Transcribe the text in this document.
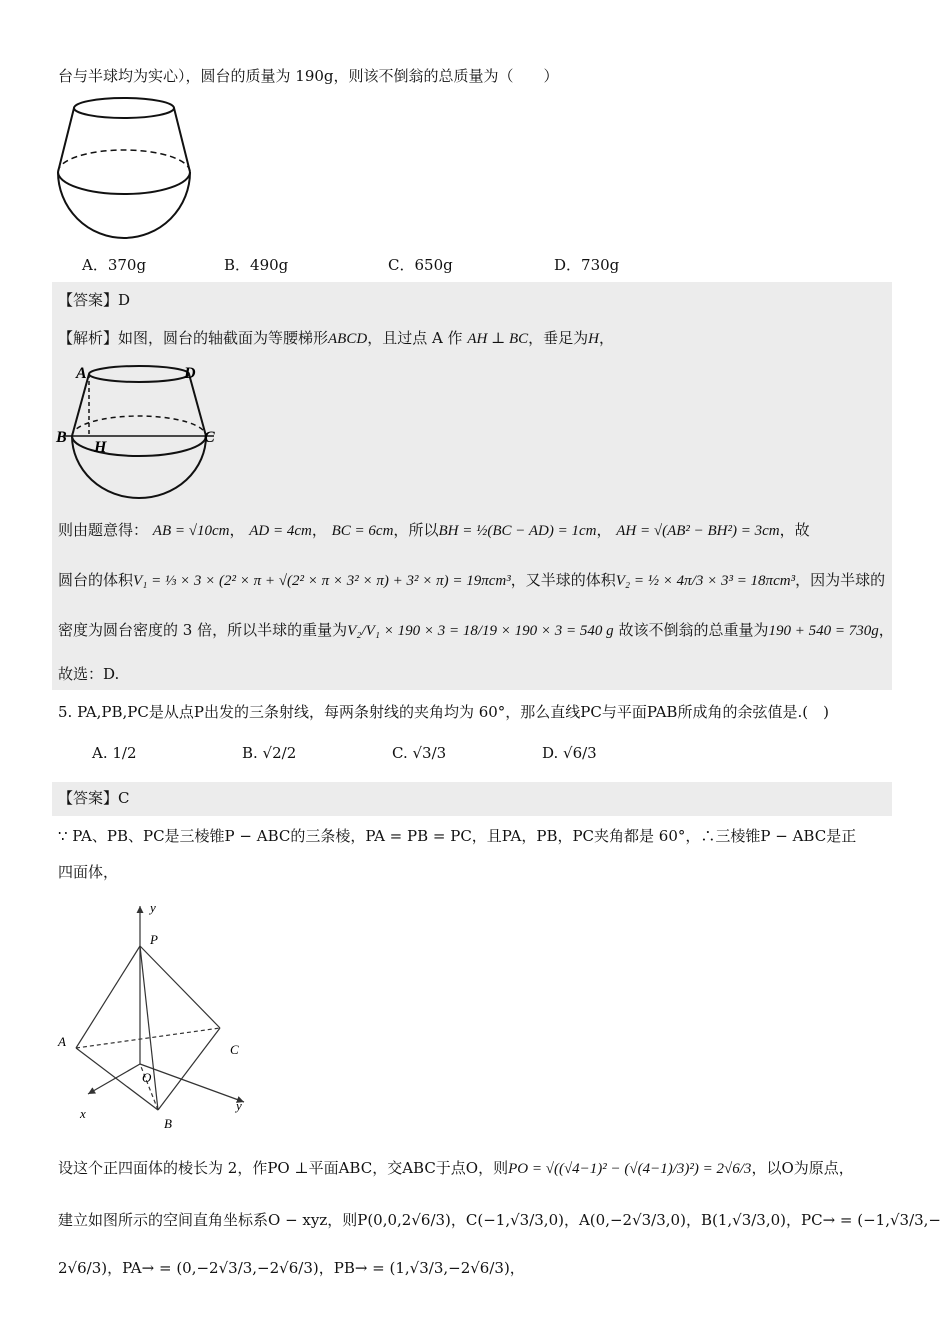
台与半球均为实心），圆台的质量为 190g，则该不倒翁的总质量为（　　）
A．370g	B．490g	C．650g	D．730g
【答案】D
【解析】如图，圆台的轴截面为等腰梯形ABCD，且过点 A 作 AH ⊥ BC，垂足为H，
A	D
B	C
H
则由题意得： AB = √10cm， AD = 4cm， BC = 6cm，所以BH = ½(BC − AD) = 1cm， AH = √(AB² − BH²) = 3cm，故
圆台的体积V₁ = ⅓ × 3 × (2² × π + √(2² × π × 3² × π) + 3² × π) = 19πcm³，又半球的体积V₂ = ½ × 4π/3 × 3³ = 18πcm³，因为半球的
密度为圆台密度的 3 倍，所以半球的重量为V₂/V₁ × 190 × 3 = 18/19 × 190 × 3 = 540 g 故该不倒翁的总重量为190 + 540 = 730g，
故选：D.
5. PA,PB,PC是从点P出发的三条射线，每两条射线的夹角均为 60°，那么直线PC与平面PAB所成角的余弦值是.(　)
A. 1/2	B. √2/2	C. √3/3	D. √6/3
【答案】C
∵ PA、PB、PC是三棱锥P − ABC的三条棱，PA = PB = PC，且PA，PB，PC夹角都是 60°，∴三棱锥P − ABC是正
四面体，
y
P
A
C
O
x
y
B
设这个正四面体的棱长为 2，作PO ⊥平面ABC，交ABC于点O，则PO = √((√4−1)² − (√(4−1)/3)²) = 2√6/3，以O为原点，
建立如图所示的空间直角坐标系O − xyz，则P(0,0,2√6/3)，C(−1,√3/3,0)，A(0,−2√3/3,0)，B(1,√3/3,0)，PC→ = (−1,√3/3,−
2√6/3)，PA→ = (0,−2√3/3,−2√6/3)，PB→ = (1,√3/3,−2√6/3)，
